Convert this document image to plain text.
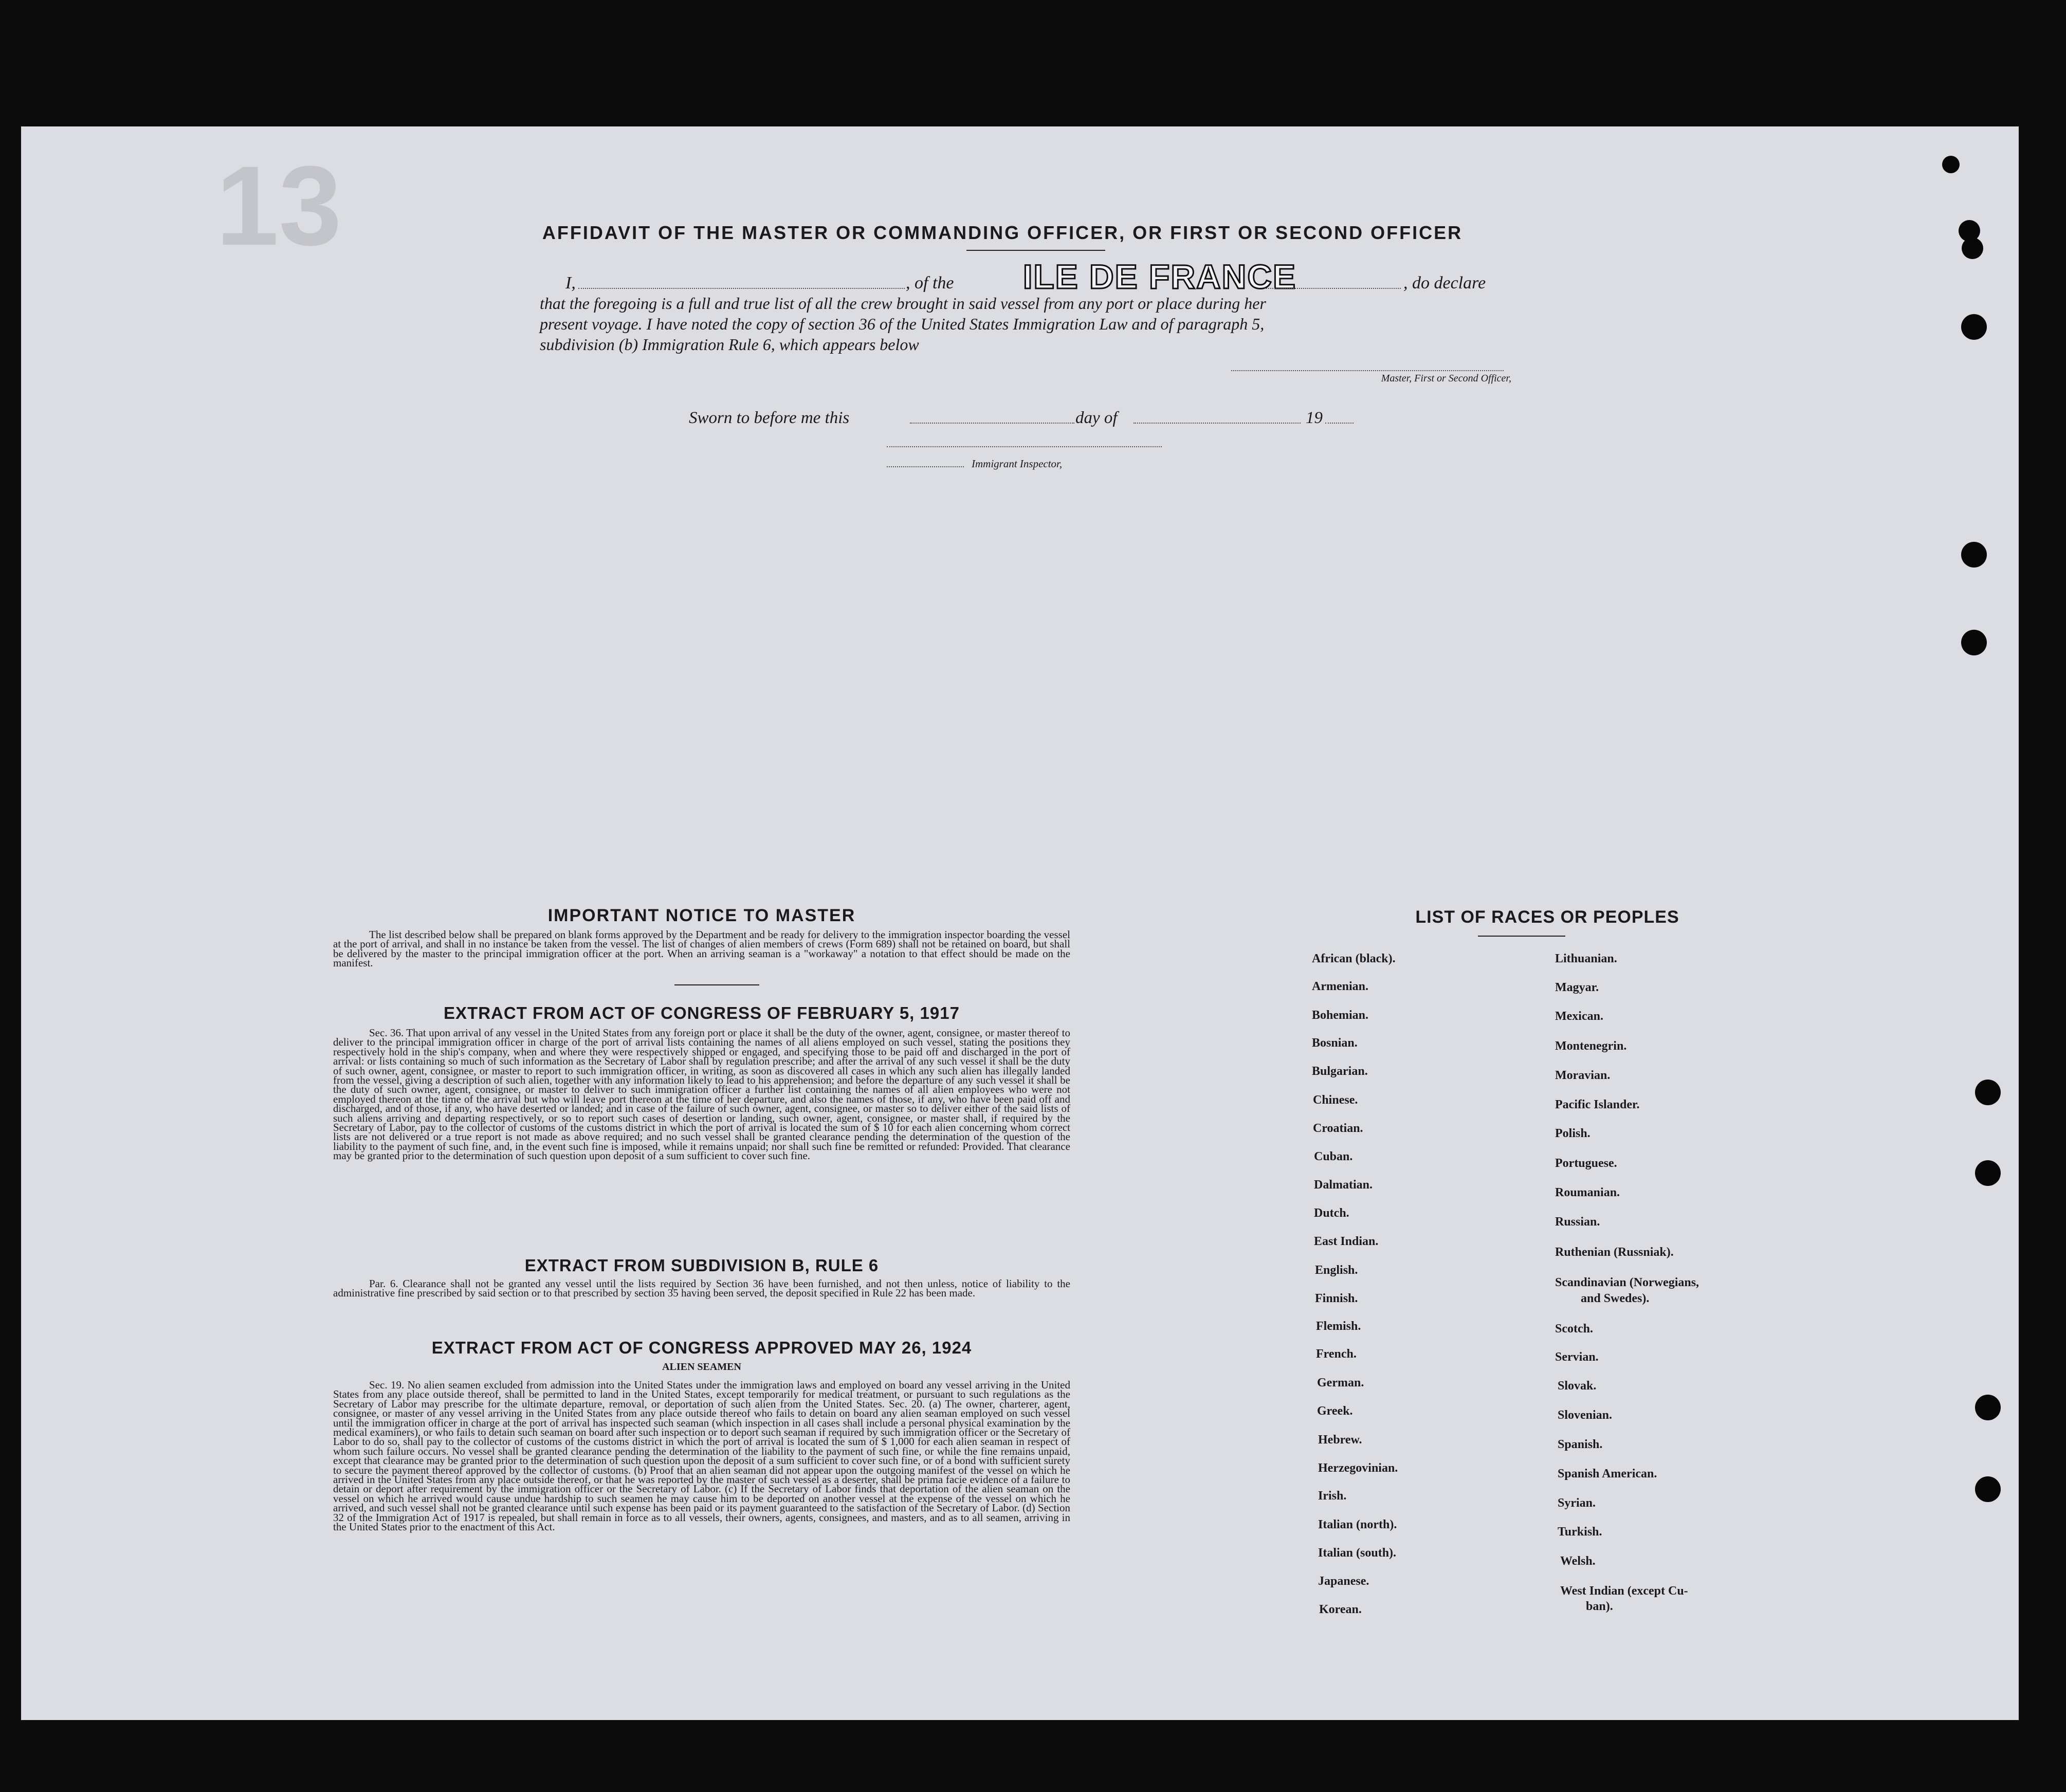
13	AFFIDAVIT OF THE MASTER OR COMMANDING OFFICER, OR FIRST OR SECOND OFFICER
I,	, of the ILE DE FRANCE	, do declare
that the foregoing is a full and true list of all the crew brought in said vessel from any port or place during her
present voyage. I have noted the copy of section 36 of the United States Immigration Law and of paragraph 5,
subdivision (b) Immigration Rule 6, which appears below
Master, First or Second Officer,
Sworn to before me this	day of	19
Immigrant Inspector,
IMPORTANT NOTICE TO MASTER
The list described below shall be prepared on blank forms approved by the Department and be ready for delivery to the immigration inspector boarding the vessel at the port of arrival, and shall in no instance be taken from the vessel. The list of changes of alien members of crews (Form 689) shall not be retained on board, but shall be delivered by the master to the principal immigration officer at the port. When an arriving seaman is a "workaway" a notation to that effect should be made on the manifest.
EXTRACT FROM ACT OF CONGRESS OF FEBRUARY 5, 1917
Sec. 36. That upon arrival of any vessel in the United States from any foreign port or place it shall be the duty of the owner, agent, consignee, or master thereof to deliver to the principal immigration officer in charge of the port of arrival lists containing the names of all aliens employed on such vessel, stating the positions they respectively hold in the ship's company, when and where they were respectively shipped or engaged, and specifying those to be paid off and discharged in the port of arrival: or lists containing so much of such information as the Secretary of Labor shall by regulation prescribe; and after the arrival of any such vessel it shall be the duty of such owner, agent, consignee, or master to report to such immigration officer, in writing, as soon as discovered all cases in which any such alien has illegally landed from the vessel, giving a description of such alien, together with any information likely to lead to his apprehension; and before the departure of any such vessel it shall be the duty of such owner, agent, consignee, or master to deliver to such immigration officer a further list containing the names of all alien employees who were not employed thereon at the time of the arrival but who will leave port thereon at the time of her departure, and also the names of those, if any, who have been paid off and discharged, and of those, if any, who have deserted or landed; and in case of the failure of such owner, agent, consignee, or master so to deliver either of the said lists of such aliens arriving and departing respectively, or so to report such cases of desertion or landing, such owner, agent, consignee, or master shall, if required by the Secretary of Labor, pay to the collector of customs of the customs district in which the port of arrival is located the sum of $ 10 for each alien concerning whom correct lists are not delivered or a true report is not made as above required; and no such vessel shall be granted clearance pending the determination of the question of the liability to the payment of such fine, and, in the event such fine is imposed, while it remains unpaid; nor shall such fine be remitted or refunded: Provided. That clearance may be granted prior to the determination of such question upon deposit of a sum sufficient to cover such fine.
EXTRACT FROM SUBDIVISION B, RULE 6
Par. 6. Clearance shall not be granted any vessel until the lists required by Section 36 have been furnished, and not then unless, notice of liability to the administrative fine prescribed by said section or to that prescribed by section 35 having been served, the deposit specified in Rule 22 has been made.
EXTRACT FROM ACT OF CONGRESS APPROVED MAY 26, 1924
ALIEN SEAMEN
Sec. 19. No alien seamen excluded from admission into the United States under the immigration laws and employed on board any vessel arriving in the United States from any place outside thereof, shall be permitted to land in the United States, except temporarily for medical treatment, or pursuant to such regulations as the Secretary of Labor may prescribe for the ultimate departure, removal, or deportation of such alien from the United States. Sec. 20. (a) The owner, charterer, agent, consignee, or master of any vessel arriving in the United States from any place outside thereof who fails to detain on board any alien seaman employed on such vessel until the immigration officer in charge at the port of arrival has inspected such seaman (which inspection in all cases shall include a personal physical examination by the medical examiners), or who fails to detain such seaman on board after such inspection or to deport such seaman if required by such immigration officer or the Secretary of Labor to do so, shall pay to the collector of customs of the customs district in which the port of arrival is located the sum of $ 1,000 for each alien seaman in respect of whom such failure occurs. No vessel shall be granted clearance pending the determination of the liability to the payment of such fine, or while the fine remains unpaid, except that clearance may be granted prior to the determination of such question upon the deposit of a sum sufficient to cover such fine, or of a bond with sufficient surety to secure the payment thereof approved by the collector of customs. (b) Proof that an alien seaman did not appear upon the outgoing manifest of the vessel on which he arrived in the United States from any place outside thereof, or that he was reported by the master of such vessel as a deserter, shall be prima facie evidence of a failure to detain or deport after requirement by the immigration officer or the Secretary of Labor. (c) If the Secretary of Labor finds that deportation of the alien seaman on the vessel on which he arrived would cause undue hardship to such seamen he may cause him to be deported on another vessel at the expense of the vessel on which he arrived, and such vessel shall not be granted clearance until such expense has been paid or its payment guaranteed to the satisfaction of the Secretary of Labor. (d) Section 32 of the Immigration Act of 1917 is repealed, but shall remain in force as to all vessels, their owners, agents, consignees, and masters, and as to all seamen, arriving in the United States prior to the enactment of this Act.
LIST OF RACES OR PEOPLES
African (black).
Armenian.
Bohemian.
Bosnian.
Bulgarian.
Chinese.
Croatian.
Cuban.
Dalmatian.
Dutch.
East Indian.
English.
Finnish.
Flemish.
French.
German.
Greek.
Hebrew.
Herzegovinian.
Irish.
Italian (north).
Italian (south).
Japanese.
Korean.
Lithuanian.
Magyar.
Mexican.
Montenegrin.
Moravian.
Pacific Islander.
Polish.
Portuguese.
Roumanian.
Russian.
Ruthenian (Russniak).
Scandinavian (Norwegians,
and Swedes).
Scotch.
Servian.
Slovak.
Slovenian.
Spanish.
Spanish American.
Syrian.
Turkish.
Welsh.
West Indian (except Cu-
ban).
